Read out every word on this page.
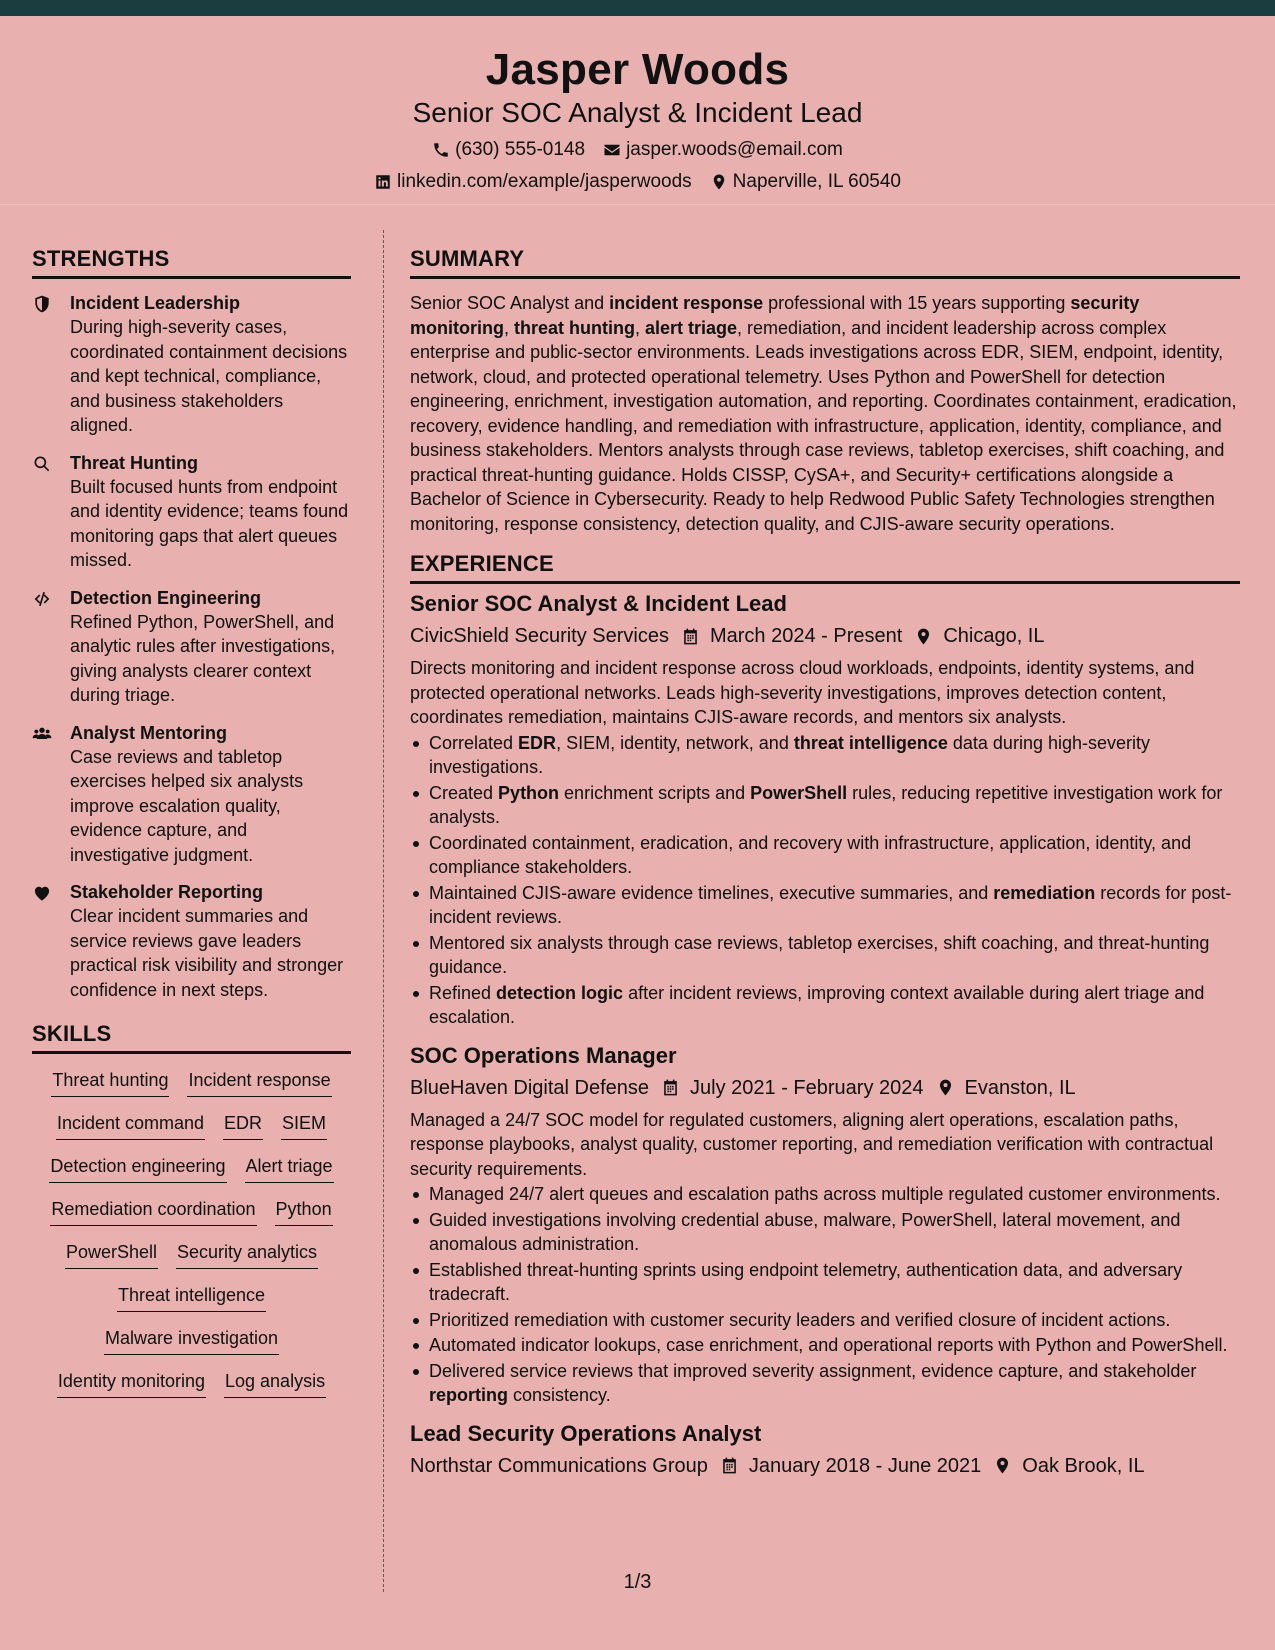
Jasper Woods
Senior SOC Analyst & Incident Lead
(630) 555-0148 jasper.woods@email.com
linkedin.com/example/jasperwoods Naperville, IL 60540
STRENGTHS
Incident Leadership
During high-severity cases, coordinated containment decisions and kept technical, compliance, and business stakeholders aligned.
Threat Hunting
Built focused hunts from endpoint and identity evidence; teams found monitoring gaps that alert queues missed.
Detection Engineering
Refined Python, PowerShell, and analytic rules after investigations, giving analysts clearer context during triage.
Analyst Mentoring
Case reviews and tabletop exercises helped six analysts improve escalation quality, evidence capture, and investigative judgment.
Stakeholder Reporting
Clear incident summaries and service reviews gave leaders practical risk visibility and stronger confidence in next steps.
SKILLS
Threat hunting Incident response
Incident command EDR SIEM
Detection engineering Alert triage
Remediation coordination Python
PowerShell Security analytics
Threat intelligence
Malware investigation
Identity monitoring Log analysis
SUMMARY

Senior SOC Analyst and incident response professional with 15 years supporting security monitoring, threat hunting, alert triage, remediation, and incident leadership across complex enterprise and public-sector environments. Leads investigations across EDR, SIEM, endpoint, identity, network, cloud, and protected operational telemetry. Uses Python and PowerShell for detection engineering, enrichment, investigation automation, and reporting. Coordinates containment, eradication, recovery, evidence handling, and remediation with infrastructure, application, identity, compliance, and business stakeholders. Mentors analysts through case reviews, tabletop exercises, shift coaching, and practical threat-hunting guidance. Holds CISSP, CySA+, and Security+ certifications alongside a Bachelor of Science in Cybersecurity. Ready to help Redwood Public Safety Technologies strengthen monitoring, response consistency, detection quality, and CJIS-aware security operations.

EXPERIENCE
Senior SOC Analyst & Incident Lead
CivicShield Security Services March 2024 - Present Chicago, IL
Directs monitoring and incident response across cloud workloads, endpoints, identity systems, and protected operational networks. Leads high-severity investigations, improves detection content, coordinates remediation, maintains CJIS-aware records, and mentors six analysts.
Correlated EDR, SIEM, identity, network, and threat intelligence data during high-severity investigations.
Created Python enrichment scripts and PowerShell rules, reducing repetitive investigation work for analysts.
Coordinated containment, eradication, and recovery with infrastructure, application, identity, and compliance stakeholders.
Maintained CJIS-aware evidence timelines, executive summaries, and remediation records for post-incident reviews.
Mentored six analysts through case reviews, tabletop exercises, shift coaching, and threat-hunting guidance.
Refined detection logic after incident reviews, improving context available during alert triage and escalation.
SOC Operations Manager
BlueHaven Digital Defense July 2021 - February 2024 Evanston, IL
Managed a 24/7 SOC model for regulated customers, aligning alert operations, escalation paths, response playbooks, analyst quality, customer reporting, and remediation verification with contractual security requirements.
Managed 24/7 alert queues and escalation paths across multiple regulated customer environments.
Guided investigations involving credential abuse, malware, PowerShell, lateral movement, and anomalous administration.
Established threat-hunting sprints using endpoint telemetry, authentication data, and adversary tradecraft.
Prioritized remediation with customer security leaders and verified closure of incident actions.
Automated indicator lookups, case enrichment, and operational reports with Python and PowerShell.
Delivered service reviews that improved severity assignment, evidence capture, and stakeholder reporting consistency.
Lead Security Operations Analyst
Northstar Communications Group January 2018 - June 2021 Oak Brook, IL
1/3
